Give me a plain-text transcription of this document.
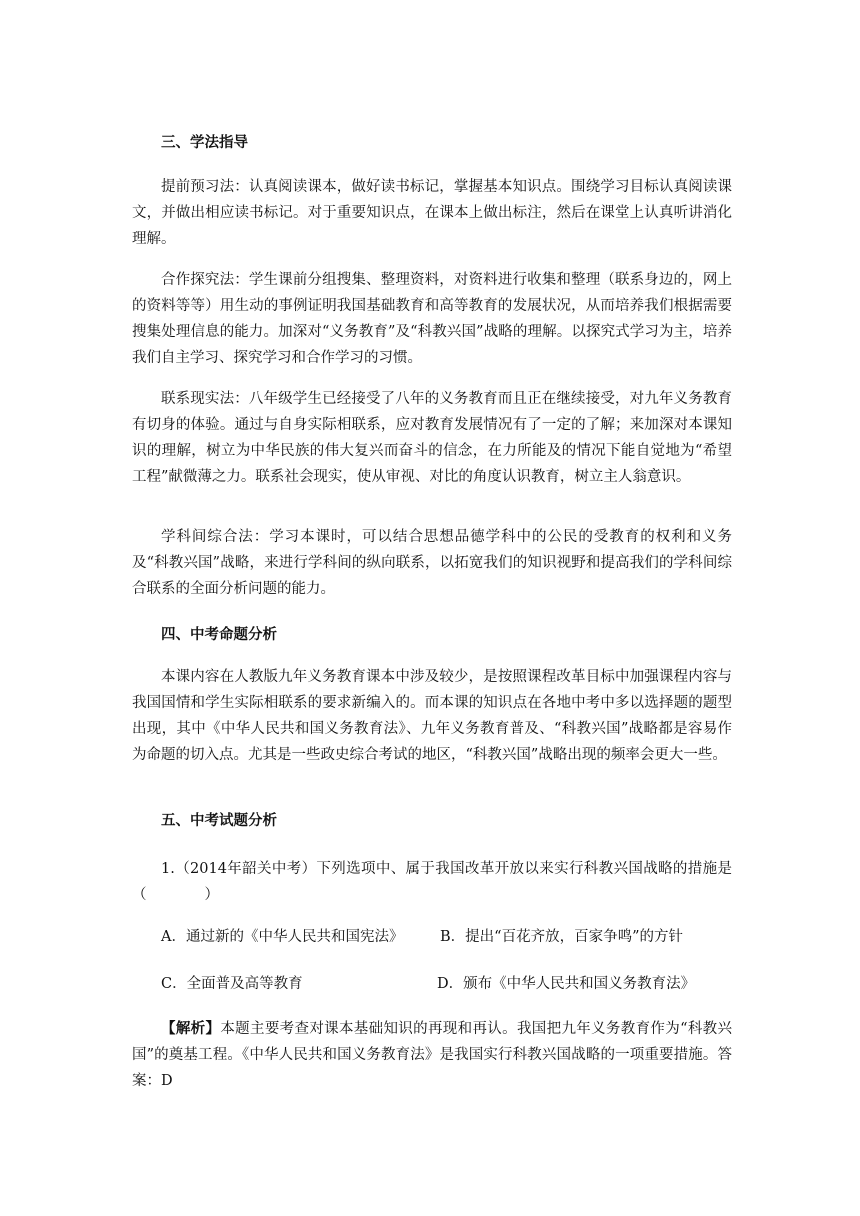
三、学法指导

提前预习法：认真阅读课本，做好读书标记，掌握基本知识点。围绕学习目标认真阅读课文，并做出相应读书标记。对于重要知识点，在课本上做出标注，然后在课堂上认真听讲消化理解。

合作探究法：学生课前分组搜集、整理资料，对资料进行收集和整理（联系身边的，网上的资料等等）用生动的事例证明我国基础教育和高等教育的发展状况，从而培养我们根据需要搜集处理信息的能力。加深对“义务教育”及“科教兴国”战略的理解。以探究式学习为主，培养我们自主学习、探究学习和合作学习的习惯。

联系现实法：八年级学生已经接受了八年的义务教育而且正在继续接受，对九年义务教育有切身的体验。通过与自身实际相联系，应对教育发展情况有了一定的了解；来加深对本课知识的理解，树立为中华民族的伟大复兴而奋斗的信念，在力所能及的情况下能自觉地为“希望工程”献微薄之力。联系社会现实，使从审视、对比的角度认识教育，树立主人翁意识。

学科间综合法：学习本课时，可以结合思想品德学科中的公民的受教育的权利和义务及“科教兴国”战略，来进行学科间的纵向联系，以拓宽我们的知识视野和提高我们的学科间综合联系的全面分析问题的能力。

四、中考命题分析

本课内容在人教版九年义务教育课本中涉及较少，是按照课程改革目标中加强课程内容与我国国情和学生实际相联系的要求新编入的。而本课的知识点在各地中考中多以选择题的题型出现，其中《中华人民共和国义务教育法》、九年义务教育普及、“科教兴国”战略都是容易作为命题的切入点。尤其是一些政史综合考试的地区，“科教兴国”战略出现的频率会更大一些。

五、中考试题分析

1.（2014年韶关中考）下列选项中、属于我国改革开放以来实行科教兴国战略的措施是（　　　　）

A．通过新的《中华人民共和国宪法》	B．提出“百花齐放，百家争鸣”的方针

C．全面普及高等教育	D．颁布《中华人民共和国义务教育法》

【解析】本题主要考查对课本基础知识的再现和再认。我国把九年义务教育作为“科教兴国”的奠基工程。《中华人民共和国义务教育法》是我国实行科教兴国战略的一项重要措施。答案：D
